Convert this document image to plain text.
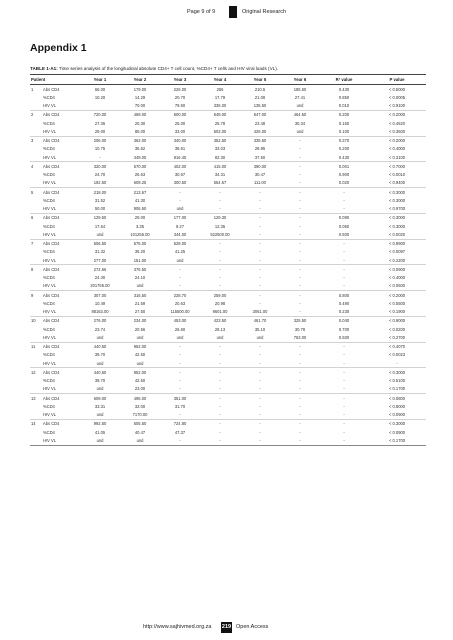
Page 9 of 9	Original Research
Appendix 1
TABLE 1-A1: Time series analysis of the longitudinal absolute CD4+ T cell count, %CD4+ T cells and HIV viral loads (VL).
Patient		Year 1	Year 2	Year 3	Year 4	Year 5	Year 6	R² value	P value
1	Abs CD4	66.00	179.00	226.00	256	210.5	185.50	0.430	< 0.5000
	%CD4	10.20	14.29	20.70	17.79	21.08	27.41	0.850	< 0.0005
	HIV VL		70.00	79.50	336.00	135.50	und	0.010	< 0.9100
2	Abs CD4	720.00	469.00	600.00	648.00	647.00	464.50	0.200	< 0.2000
	%CD4	27.36	20.30	25.00	25.78	23.48	30.34	0.160	< 0.4520
	HIV VL	29.00	85.00	33.00	502.00	426.00	und	0.100	< 0.3600
3	Abs CD4	206.00	362.00	340.00	352.50	335.50	-	0.370	< 0.2000
	%CD4	10.75	35.52	38.61	33.03	28.95	-	0.200	< 0.4000
	HIV VL	-	449.00	916.40	82.30	37.50	-	0.430	< 0.3100
4	Abs CD4	320.00	570.00	402.00	415.00	390.00	-	0.001	< 0.7000
	%CD4	24.70	26.63	30.67	34.31	30.47	-	0.900	< 0.0010
	HIV VL	192.50	609.25	300.50	554.67	111.00	-	0.020	< 0.9400
5	Abs CD4	218.00	213.67	-	-	-	-	-	< 0.3000
	%CD4	31.52	41.30	-	-	-	-	-	< 0.3000
	HIV VL	50.00	906.50	und	-	-	-	-	< 0.9700
6	Abs CD4	129.50	29.00	177.00	129.30	-	-	0.090	< 0.3000
	%CD4	17.64	3.35	9.27	12.35	-	-	0.050	< 0.3000
	HIV VL	und	101255.00	344.00	522500.00	-	-	0.500	< 0.0020
7	Abs CD4	506.50	575.00	528.00	-	-	-	-	< 0.9900
	%CD4	31.32	36.20	41.25	-	-	-	-	< 0.0097
	HIV VL	277.00	151.00	und	-	-	-	-	< 0.2200
8	Abs CD4	272.66	376.50	-	-	-	-	-	< 0.0900
	%CD4	24.30	24.10	-	-	-	-	-	< 0.4000
	HIV VL	201765.00	und	-	-	-	-	-	< 0.0500
9	Abs CD4	307.00	316.50	228.70	259.00	-	-	0.800	< 0.2000
	%CD4	10.49	21.59	20.63	20.98	-	-	0.490	< 0.5500
	HIV VL	88163.00	27.50	115500.00	9601.00	3061.00	-	0.230	< 0.1900
10	Abs CD4	276.00	234.00	453.00	423.50	461.70	325.50	0.040	< 0.9000
	%CD4	23.74	20.56	26.60	28.13	35.10	30.78	0.700	< 0.0200
	HIV VL	und	und	und	und	und	763.00	0.600	< 0.2700
11	Abs CD4	440.50	952.00	-	-	-	-	-	< 0.4070
	%CD4	39.70	42.50	-	-	-	-	-	< 0.0023
	HIV VL	und	und	-	-	-	-	-	-
12	Abs CD4	440.50	952.00	-	-	-	-	-	< 0.3000
	%CD4	39.70	42.50	-	-	-	-	-	< 0.5100
	HIV VL	und	23.00	-	-	-	-	-	< 0.1700
13	Abs CD4	609.00	496.00	351.00	-	-	-	-	< 0.0800
	%CD4	33.31	32.00	31.70	-	-	-	-	< 0.8000
	HIV VL	und	7170.00	-	-	-	-	-	< 0.0900
14	Abs CD4	992.50	605.50	724.80	-	-	-	-	< 0.3000
	%CD4	41.05	40.47	47.37	-	-	-	-	< 0.0900
	HIV VL	und	und	-	-	-	-	-	< 0.1700
http://www.sajhivmed.org.za 219 Open Access
